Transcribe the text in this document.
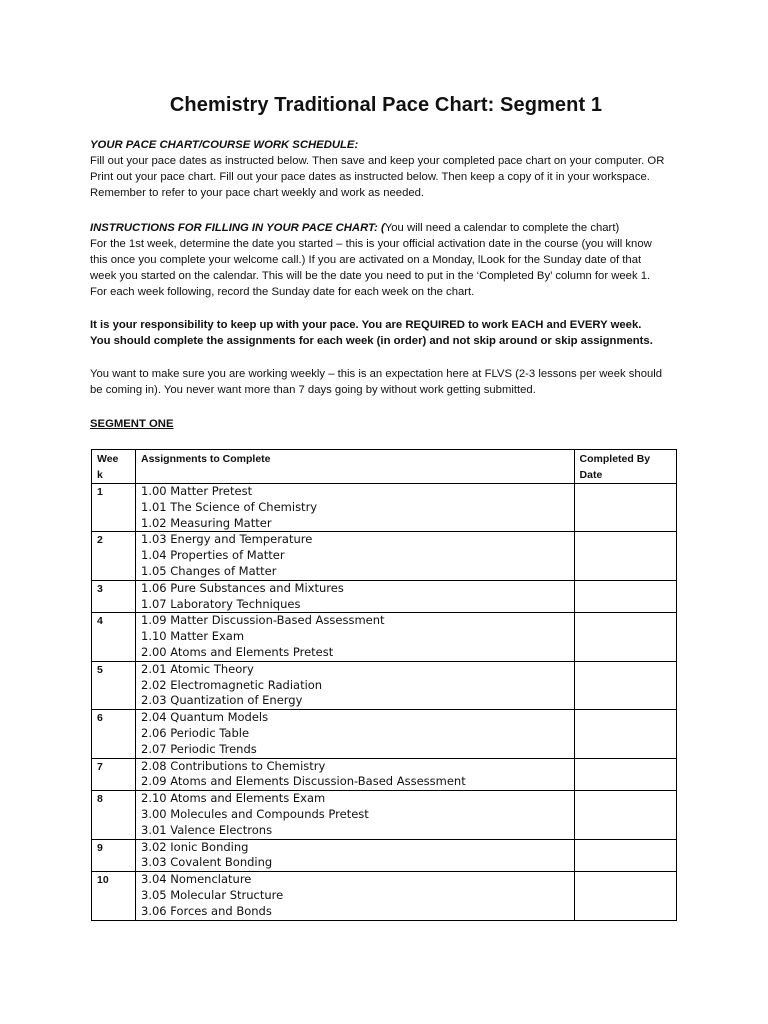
Chemistry Traditional Pace Chart: Segment 1
YOUR PACE CHART/COURSE WORK SCHEDULE:
Fill out your pace dates as instructed below. Then save and keep your completed pace chart on your computer. OR
Print out your pace chart. Fill out your pace dates as instructed below. Then keep a copy of it in your workspace.
Remember to refer to your pace chart weekly and work as needed.
INSTRUCTIONS FOR FILLING IN YOUR PACE CHART: (You will need a calendar to complete the chart)
For the 1st week, determine the date you started – this is your official activation date in the course (you will know
this once you complete your welcome call.) If you are activated on a Monday, lLook for the Sunday date of that
week you started on the calendar. This will be the date you need to put in the ‘Completed By’ column for week 1.
For each week following, record the Sunday date for each week on the chart.
It is your responsibility to keep up with your pace. You are REQUIRED to work EACH and EVERY week.
You should complete the assignments for each week (in order) and not skip around or skip assignments.
You want to make sure you are working weekly – this is an expectation here at FLVS (2-3 lessons per week should
be coming in). You never want more than 7 days going by without work getting submitted.
SEGMENT ONE
Wee
k	Assignments to Complete	Completed By
Date

1	1.00 Matter Pretest
1.01 The Science of Chemistry
1.02 Measuring Matter	

2	1.03 Energy and Temperature
1.04 Properties of Matter
1.05 Changes of Matter	

3	1.06 Pure Substances and Mixtures
1.07 Laboratory Techniques	

4	1.09 Matter Discussion-Based Assessment
1.10 Matter Exam
2.00 Atoms and Elements Pretest	

5	2.01 Atomic Theory
2.02 Electromagnetic Radiation
2.03 Quantization of Energy	

6	2.04 Quantum Models
2.06 Periodic Table
2.07 Periodic Trends	

7	2.08 Contributions to Chemistry
2.09 Atoms and Elements Discussion-Based Assessment	

8	2.10 Atoms and Elements Exam
3.00 Molecules and Compounds Pretest
3.01 Valence Electrons	

9	3.02 Ionic Bonding
3.03 Covalent Bonding	

10	3.04 Nomenclature
3.05 Molecular Structure
3.06 Forces and Bonds	
